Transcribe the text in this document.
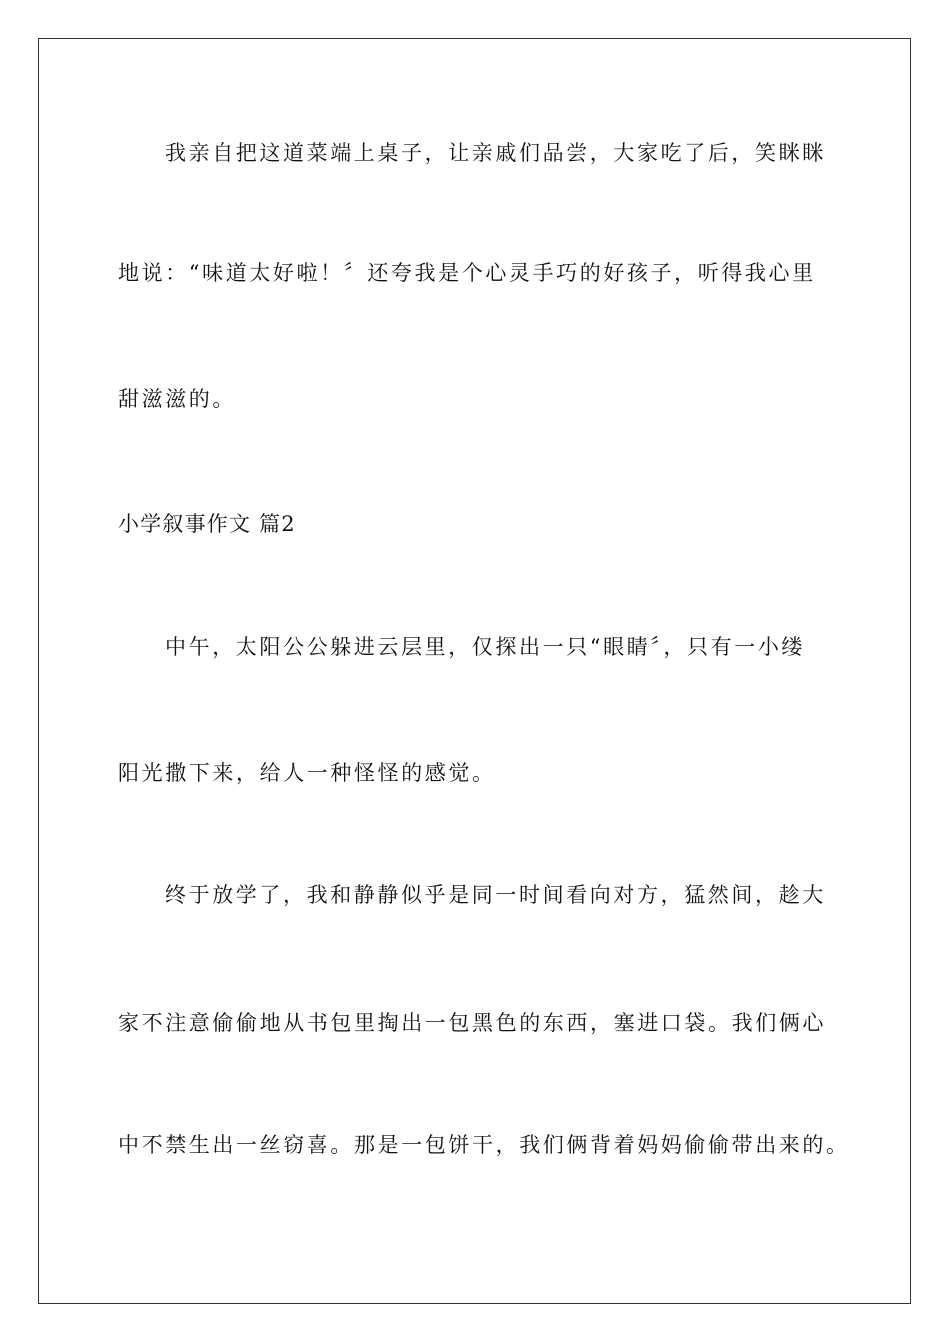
我亲自把这道菜端上桌子，让亲戚们品尝，大家吃了后，笑眯眯
地说：“味道太好啦！〞还夸我是个心灵手巧的好孩子，听得我心里
甜滋滋的。
小学叙事作文 篇2
中午，太阳公公躲进云层里，仅探出一只“眼睛〞，只有一小缕
阳光撒下来，给人一种怪怪的感觉。
终于放学了，我和静静似乎是同一时间看向对方，猛然间，趁大
家不注意偷偷地从书包里掏出一包黑色的东西，塞进口袋。我们俩心
中不禁生出一丝窃喜。那是一包饼干，我们俩背着妈妈偷偷带出来的。
